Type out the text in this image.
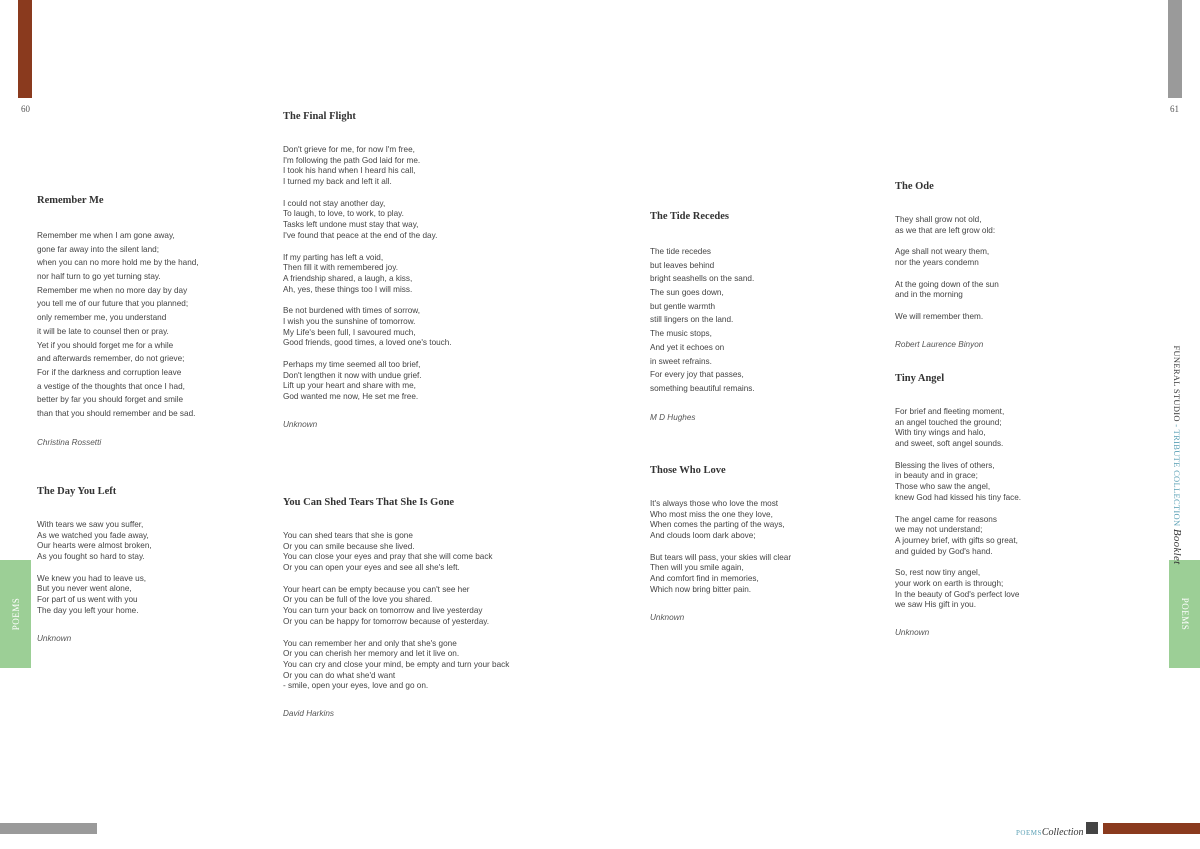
60	61
POEMS	POEMS
FUNERAL STUDIO - TRIBUTE COLLECTION Booklet
POEMSCollection
Remember Me
Remember me when I am gone away,
gone far away into the silent land;
when you can no more hold me by the hand,
nor half turn to go yet turning stay.
Remember me when no more day by day
you tell me of our future that you planned;
only remember me, you understand
it will be late to counsel then or pray.
Yet if you should forget me for a while
and afterwards remember, do not grieve;
For if the darkness and corruption leave
a vestige of the thoughts that once I had,
better by far you should forget and smile
than that you should remember and be sad.
Christina Rossetti
The Day You Left
With tears we saw you suffer,
As we watched you fade away,
Our hearts were almost broken,
As you fought so hard to stay.
We knew you had to leave us,
But you never went alone,
For part of us went with you
The day you left your home.
Unknown
The Final Flight
Don't grieve for me, for now I'm free,
I'm following the path God laid for me.
I took his hand when I heard his call,
I turned my back and left it all.
I could not stay another day,
To laugh, to love, to work, to play.
Tasks left undone must stay that way,
I've found that peace at the end of the day.
If my parting has left a void,
Then fill it with remembered joy.
A friendship shared, a laugh, a kiss,
Ah, yes, these things too I will miss.
Be not burdened with times of sorrow,
I wish you the sunshine of tomorrow.
My Life's been full, I savoured much,
Good friends, good times, a loved one's touch.
Perhaps my time seemed all too brief,
Don't lengthen it now with undue grief.
Lift up your heart and share with me,
God wanted me now, He set me free.
Unknown
You Can Shed Tears That She Is Gone
You can shed tears that she is gone
Or you can smile because she lived.
You can close your eyes and pray that she will come back
Or you can open your eyes and see all she's left.
Your heart can be empty because you can't see her
Or you can be full of the love you shared.
You can turn your back on tomorrow and live yesterday
Or you can be happy for tomorrow because of yesterday.
You can remember her and only that she's gone
Or you can cherish her memory and let it live on.
You can cry and close your mind, be empty and turn your back
Or you can do what she'd want
- smile, open your eyes, love and go on.
David Harkins
The Tide Recedes
The tide recedes
but leaves behind
bright seashells on the sand.
The sun goes down,
but gentle warmth
still lingers on the land.
The music stops,
And yet it echoes on
in sweet refrains.
For every joy that passes,
something beautiful remains.
M D Hughes
Those Who Love
It's always those who love the most
Who most miss the one they love,
When comes the parting of the ways,
And clouds loom dark above;
But tears will pass, your skies will clear
Then will you smile again,
And comfort find in memories,
Which now bring bitter pain.
Unknown
The Ode
They shall grow not old,
as we that are left grow old:
Age shall not weary them,
nor the years condemn
At the going down of the sun
and in the morning
We will remember them.
Robert Laurence Binyon
Tiny Angel
For brief and fleeting moment,
an angel touched the ground;
With tiny wings and halo,
and sweet, soft angel sounds.
Blessing the lives of others,
in beauty and in grace;
Those who saw the angel,
knew God had kissed his tiny face.
The angel came for reasons
we may not understand;
A journey brief, with gifts so great,
and guided by God's hand.
So, rest now tiny angel,
your work on earth is through;
In the beauty of God's perfect love
we saw His gift in you.
Unknown
